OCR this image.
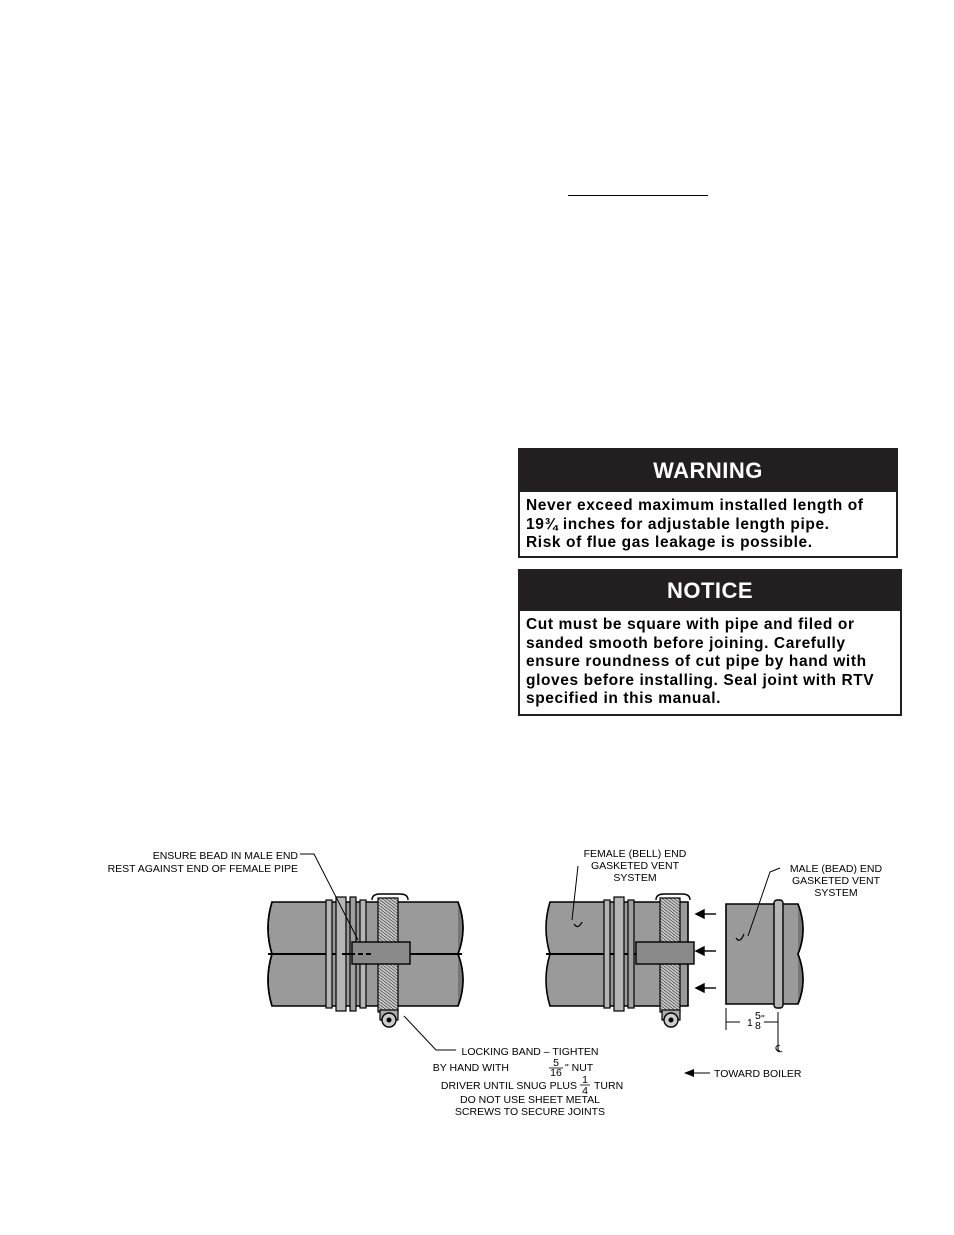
WARNING
Never exceed maximum installed length of
19¾ inches for adjustable length pipe.
Risk of flue gas leakage is possible.
NOTICE
Cut must be square with pipe and filed or
sanded smooth before joining. Carefully
ensure roundness of cut pipe by hand with
gloves before installing. Seal joint with RTV
specified in this manual.
ENSURE BEAD IN MALE END
REST AGAINST END OF FEMALE PIPE
FEMALE (BELL) END
GASKETED VENT
SYSTEM
MALE (BEAD) END
GASKETED VENT
SYSTEM
LOCKING BAND – TIGHTEN
BY HAND WITH	5
16 " NUT
DRIVER UNTIL SNUG PLUS 1
4 TURN
DO NOT USE SHEET METAL
SCREWS TO SECURE JOINTS
1
5
8
"
℄
TOWARD BOILER
